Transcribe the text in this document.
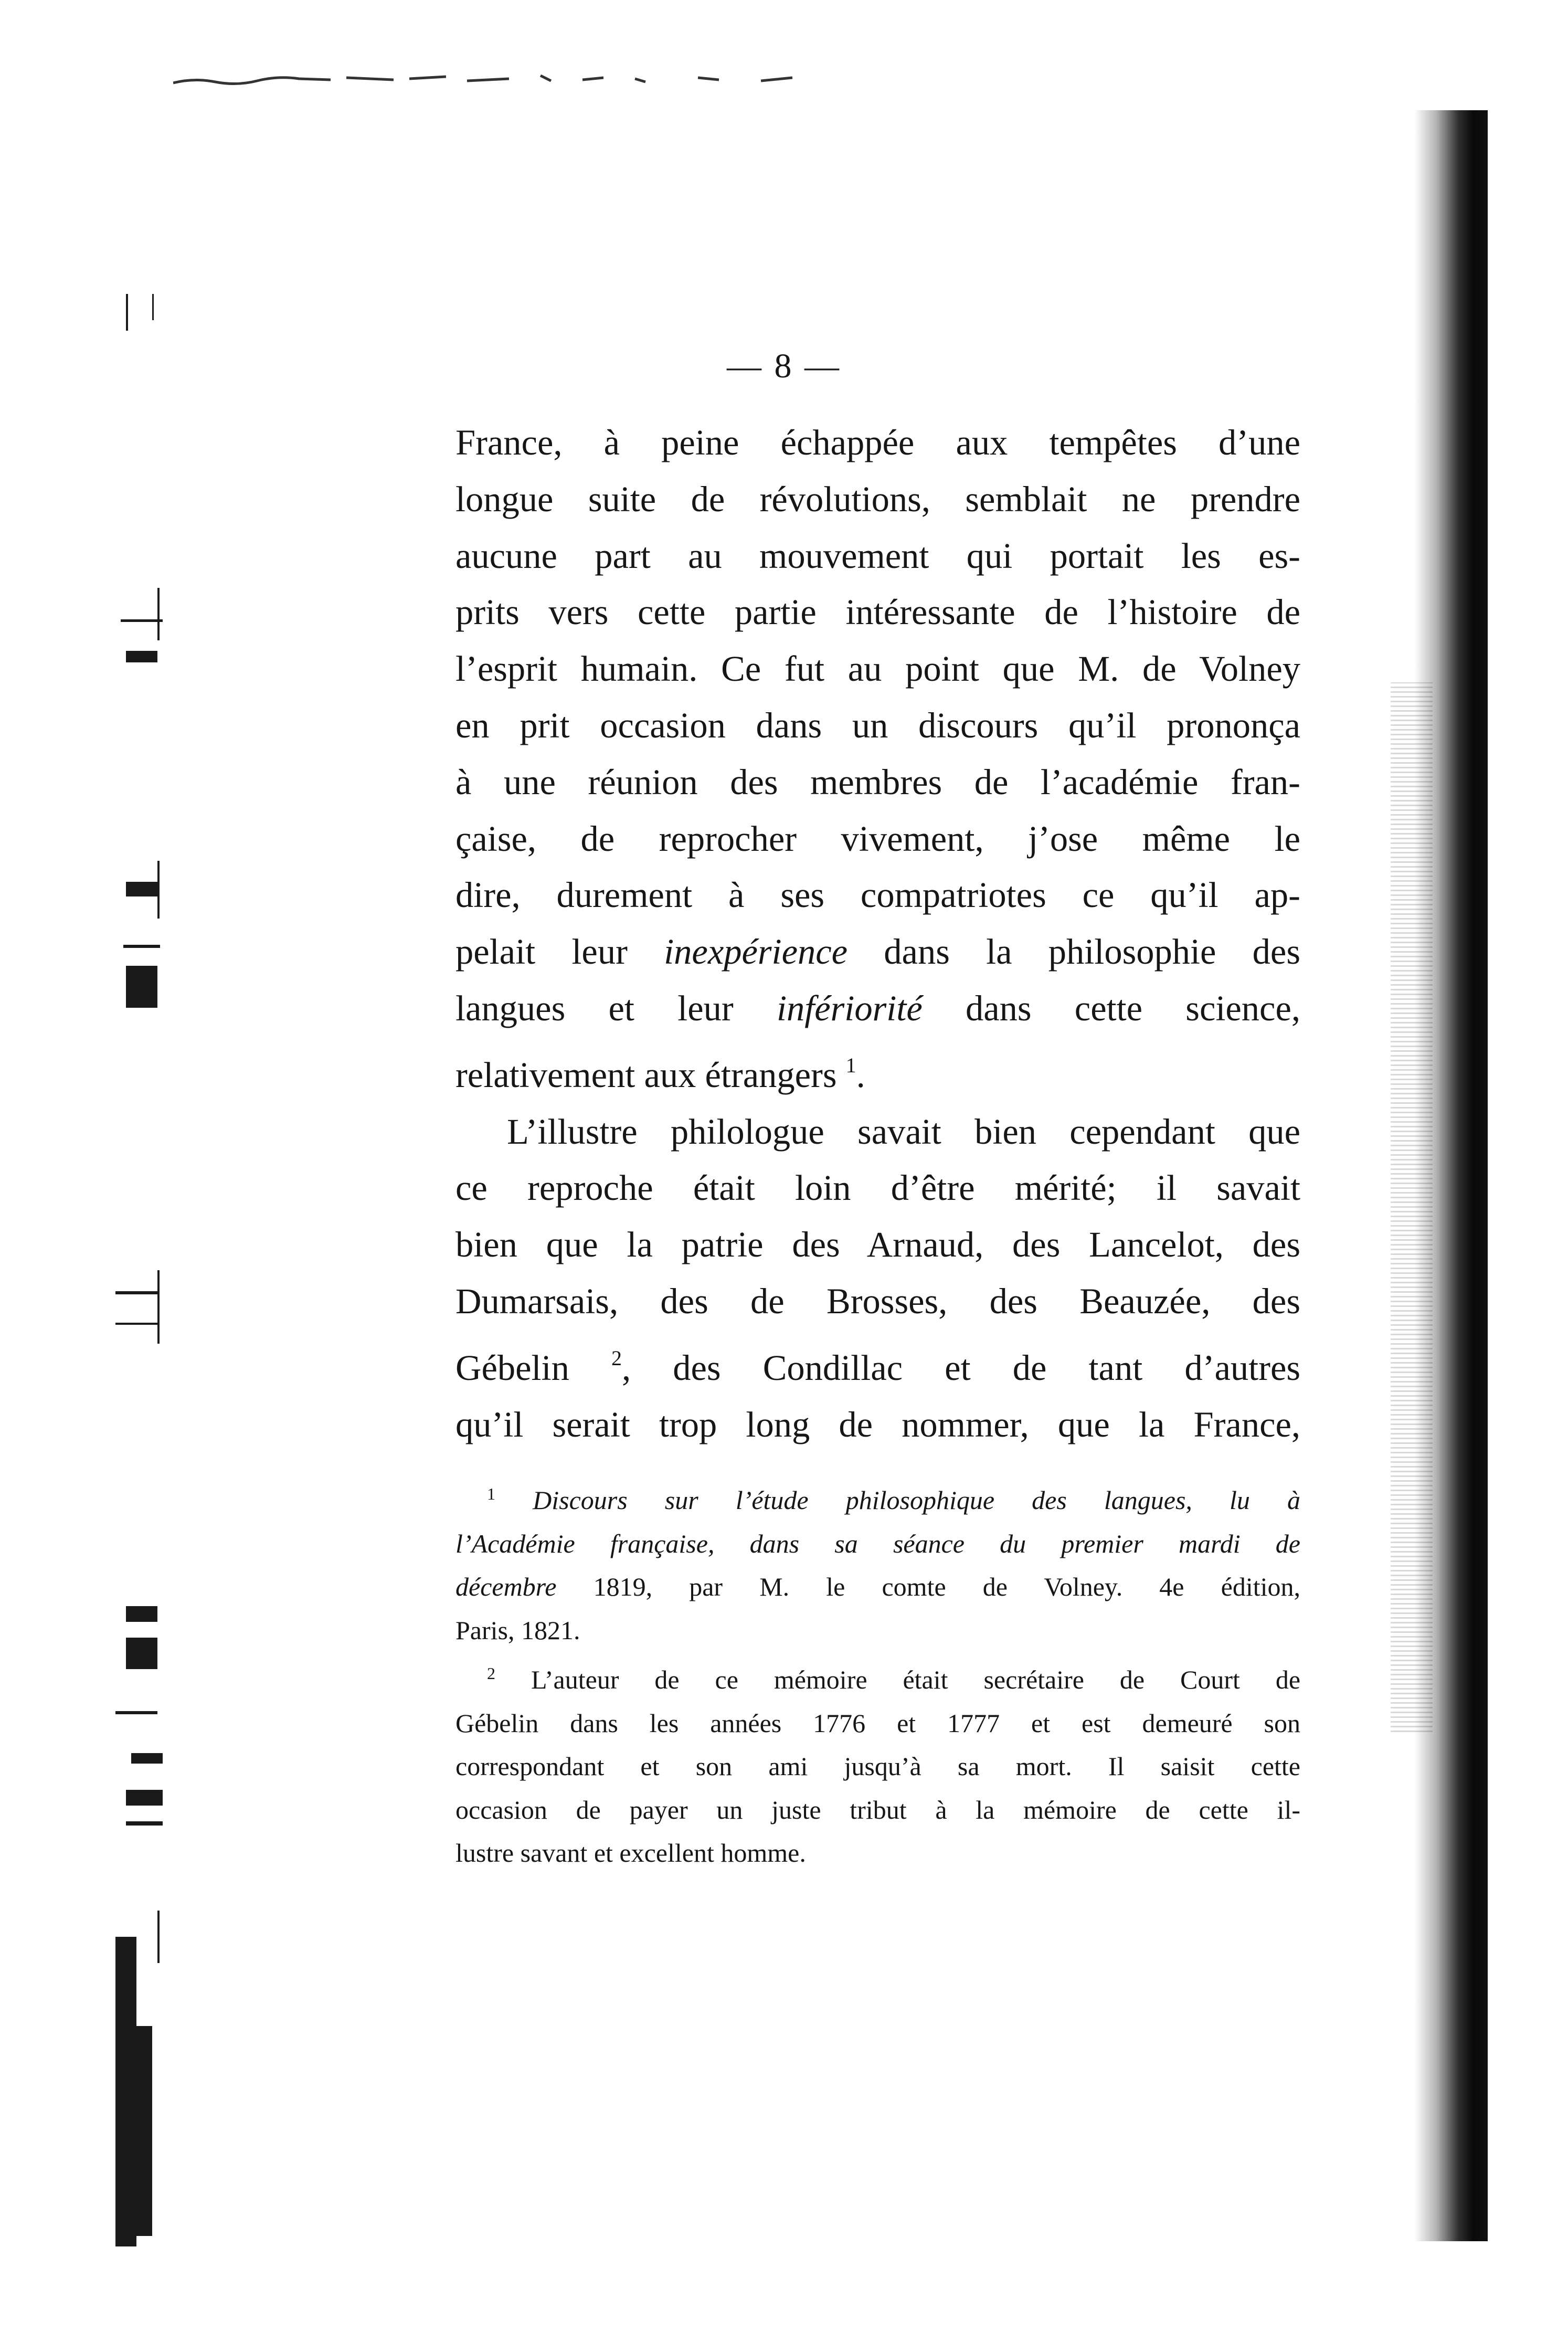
— 8 —
France, à peine échappée aux tempêtes d’une
longue suite de révolutions, semblait ne prendre
aucune part au mouvement qui portait les es-
prits vers cette partie intéressante de l’histoire de
l’esprit humain. Ce fut au point que M. de Volney
en prit occasion dans un discours qu’il prononça
à une réunion des membres de l’académie fran-
çaise, de reprocher vivement, j’ose même le
dire, durement à ses compatriotes ce qu’il ap-
pelait leur inexpérience dans la philosophie des
langues et leur infériorité dans cette science,
relativement aux étrangers $^1$.
L’illustre philologue savait bien cependant que
ce reproche était loin d’être mérité; il savait
bien que la patrie des Arnaud, des Lancelot, des
Dumarsais, des de Brosses, des Beauzée, des
Gébelin $^2$, des Condillac et de tant d’autres
qu’il serait trop long de nommer, que la France,
$^1$ Discours sur l’étude philosophique des langues, lu à
l’Académie française, dans sa séance du premier mardi de
décembre 1819, par M. le comte de Volney. 4e édition,
Paris, 1821.
$^2$ L’auteur de ce mémoire était secrétaire de Court de
Gébelin dans les années 1776 et 1777 et est demeuré son
correspondant et son ami jusqu’à sa mort. Il saisit cette
occasion de payer un juste tribut à la mémoire de cette il-
lustre savant et excellent homme.
